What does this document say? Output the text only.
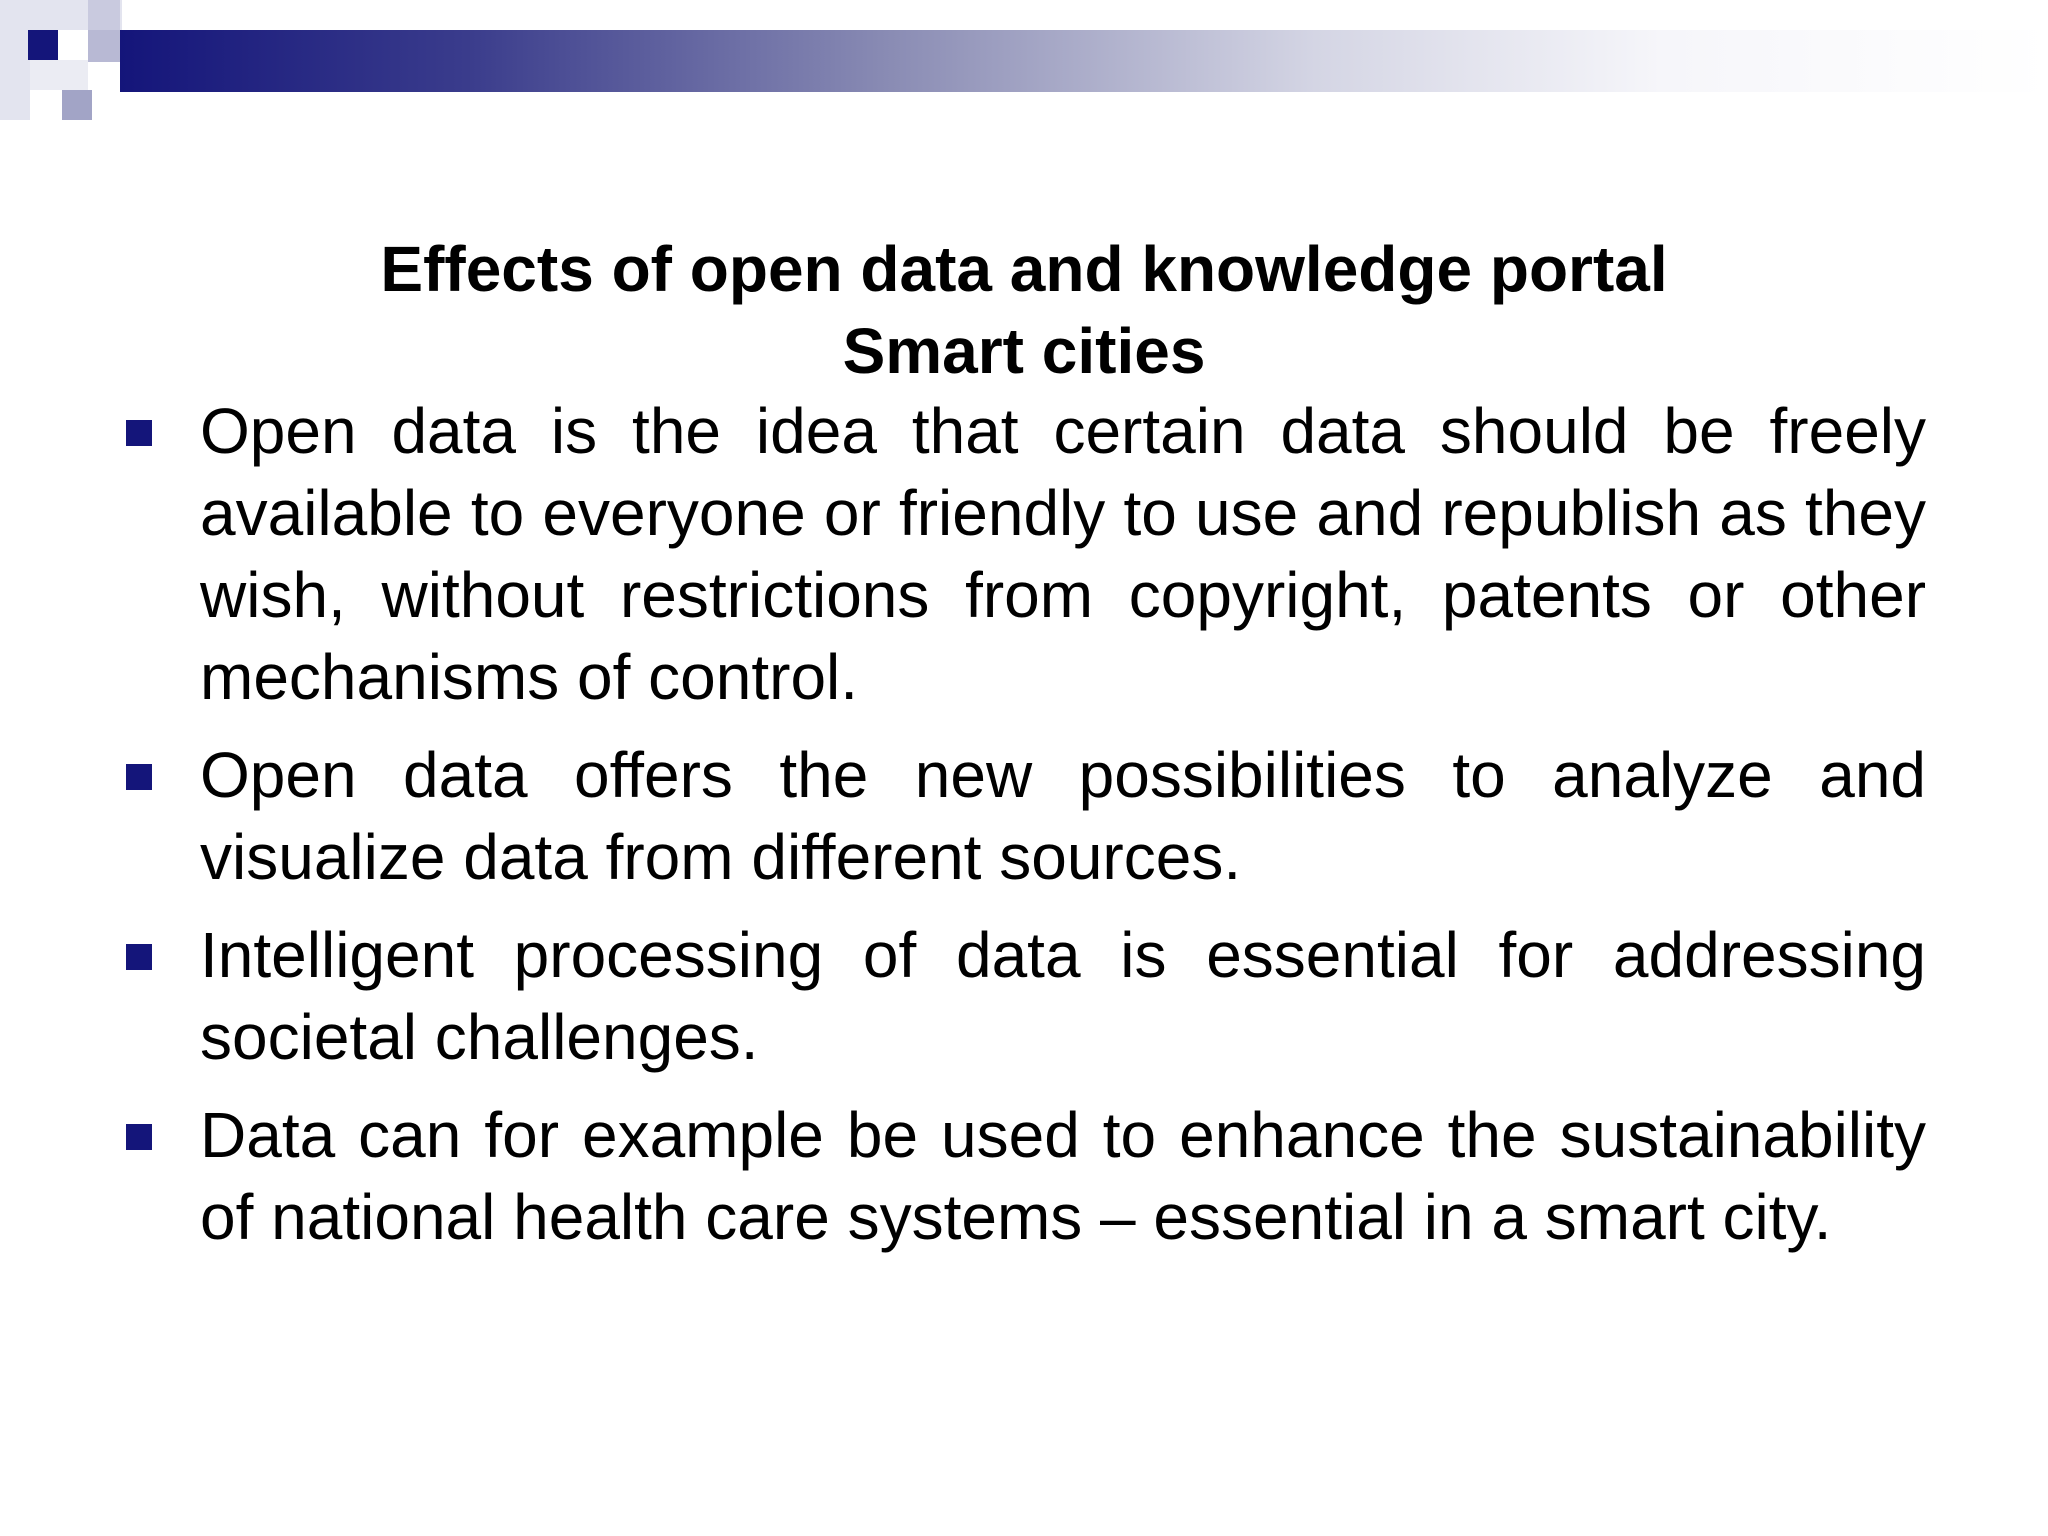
Effects of open data and knowledge portal
Smart cities
Open data is the idea that certain data should be freely available to everyone or friendly to use and republish as they wish, without restrictions from copyright, patents or other mechanisms of control.
Open data offers the new possibilities to analyze and visualize data from different sources.
Intelligent processing of data is essential for addressing societal challenges.
Data can for example be used to enhance the sustainability of national health care systems – essential in a smart city.
